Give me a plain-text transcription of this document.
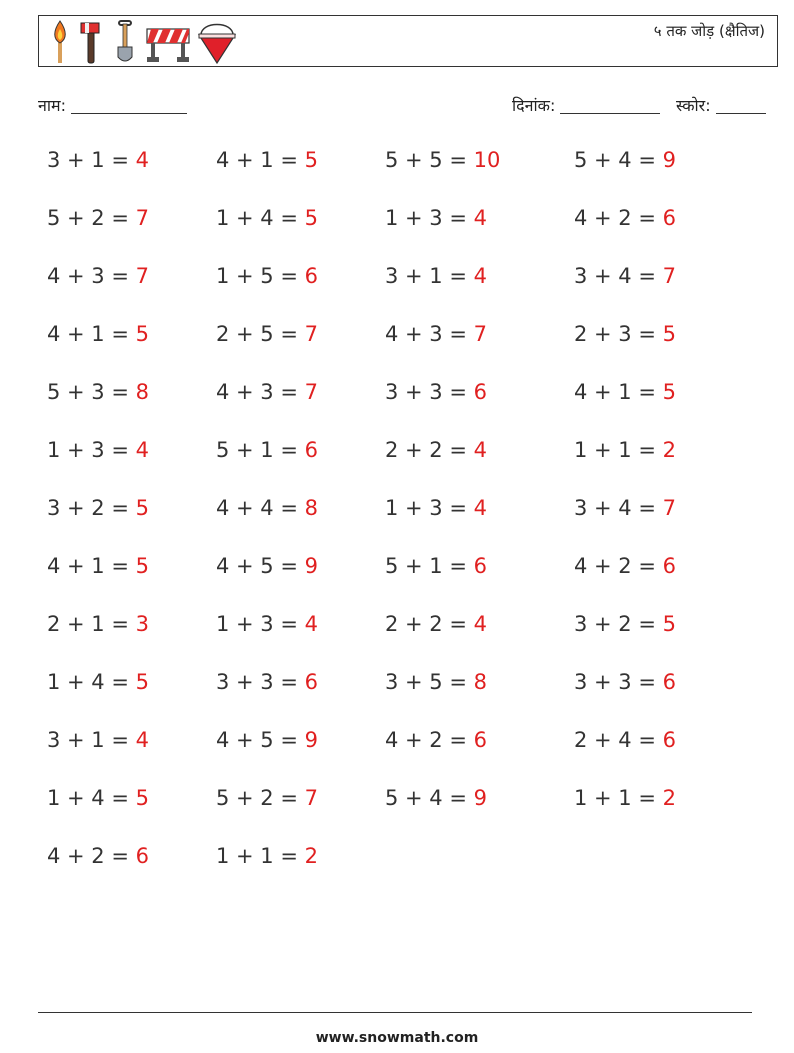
५ तक जोड़ (क्षैतिज)
नाम:	दिनांक:	स्कोर:
3 + 1 = 4
5 + 2 = 7
4 + 3 = 7
4 + 1 = 5
5 + 3 = 8
1 + 3 = 4
3 + 2 = 5
4 + 1 = 5
2 + 1 = 3
1 + 4 = 5
3 + 1 = 4
1 + 4 = 5
4 + 2 = 6
4 + 1 = 5
1 + 4 = 5
1 + 5 = 6
2 + 5 = 7
4 + 3 = 7
5 + 1 = 6
4 + 4 = 8
4 + 5 = 9
1 + 3 = 4
3 + 3 = 6
4 + 5 = 9
5 + 2 = 7
1 + 1 = 2
5 + 5 = 10
1 + 3 = 4
3 + 1 = 4
4 + 3 = 7
3 + 3 = 6
2 + 2 = 4
1 + 3 = 4
5 + 1 = 6
2 + 2 = 4
3 + 5 = 8
4 + 2 = 6
5 + 4 = 9
5 + 4 = 9
4 + 2 = 6
3 + 4 = 7
2 + 3 = 5
4 + 1 = 5
1 + 1 = 2
3 + 4 = 7
4 + 2 = 6
3 + 2 = 5
3 + 3 = 6
2 + 4 = 6
1 + 1 = 2
www.snowmath.com
